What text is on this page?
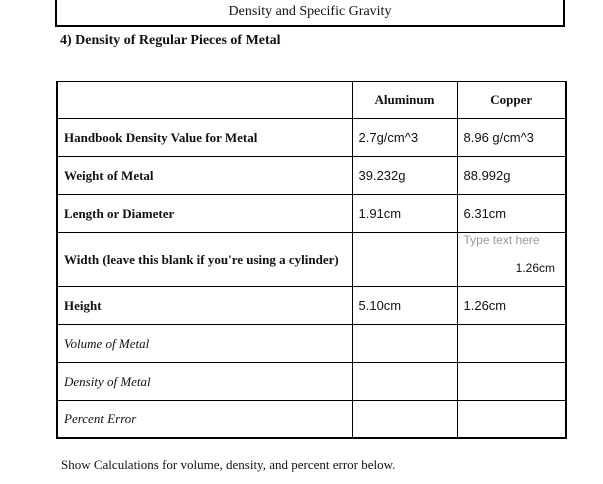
Density and Specific Gravity
4) Density of Regular Pieces of Metal
	Aluminum	Copper
Handbook Density Value for Metal	2.7g/cm^3	8.96 g/cm^3
Weight of Metal	39.232g	88.992g
Length or Diameter	1.91cm	6.31cm
Width (leave this blank if you're using a cylinder)		Type text here
1.26cm

Height	5.10cm	1.26cm
Volume of Metal		
Density of Metal		
Percent Error		
Show Calculations for volume, density, and percent error below.
